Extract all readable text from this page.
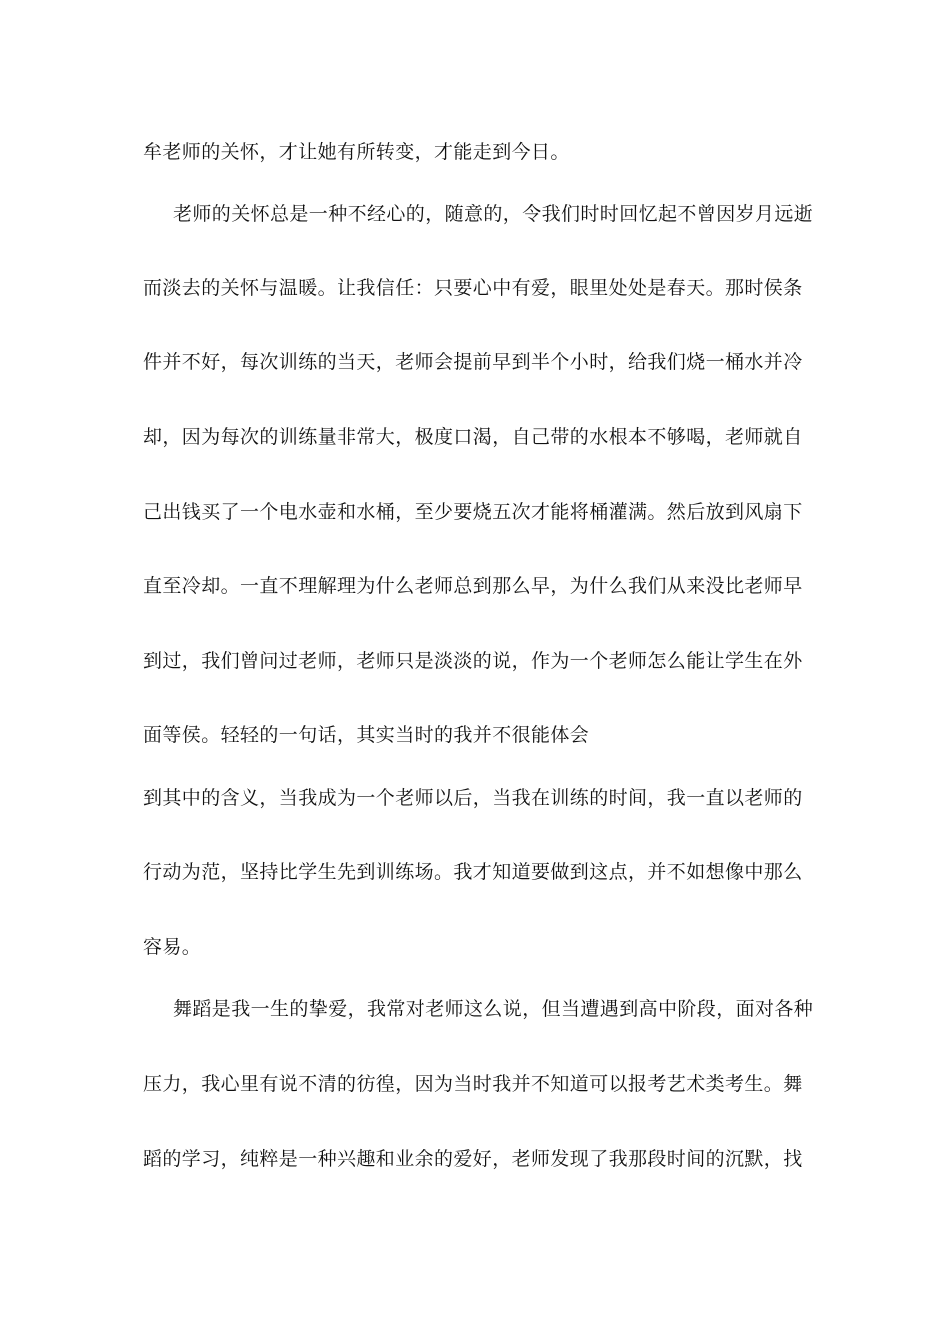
牟老师的关怀，才让她有所转变，才能走到今日。
老师的关怀总是一种不经心的，随意的，令我们时时回忆起不曾因岁月远逝
而淡去的关怀与温暖。让我信任：只要心中有爱，眼里处处是春天。那时侯条
件并不好，每次训练的当天，老师会提前早到半个小时，给我们烧一桶水并冷
却，因为每次的训练量非常大，极度口渴，自己带的水根本不够喝，老师就自
己出钱买了一个电水壶和水桶，至少要烧五次才能将桶灌满。然后放到风扇下
直至冷却。一直不理解理为什么老师总到那么早，为什么我们从来没比老师早
到过，我们曾问过老师，老师只是淡淡的说，作为一个老师怎么能让学生在外
面等侯。轻轻的一句话，其实当时的我并不很能体会
到其中的含义，当我成为一个老师以后，当我在训练的时间，我一直以老师的
行动为范，坚持比学生先到训练场。我才知道要做到这点，并不如想像中那么
容易。
舞蹈是我一生的挚爱，我常对老师这么说，但当遭遇到高中阶段，面对各种
压力，我心里有说不清的彷徨，因为当时我并不知道可以报考艺术类考生。舞
蹈的学习，纯粹是一种兴趣和业余的爱好，老师发现了我那段时间的沉默，找
